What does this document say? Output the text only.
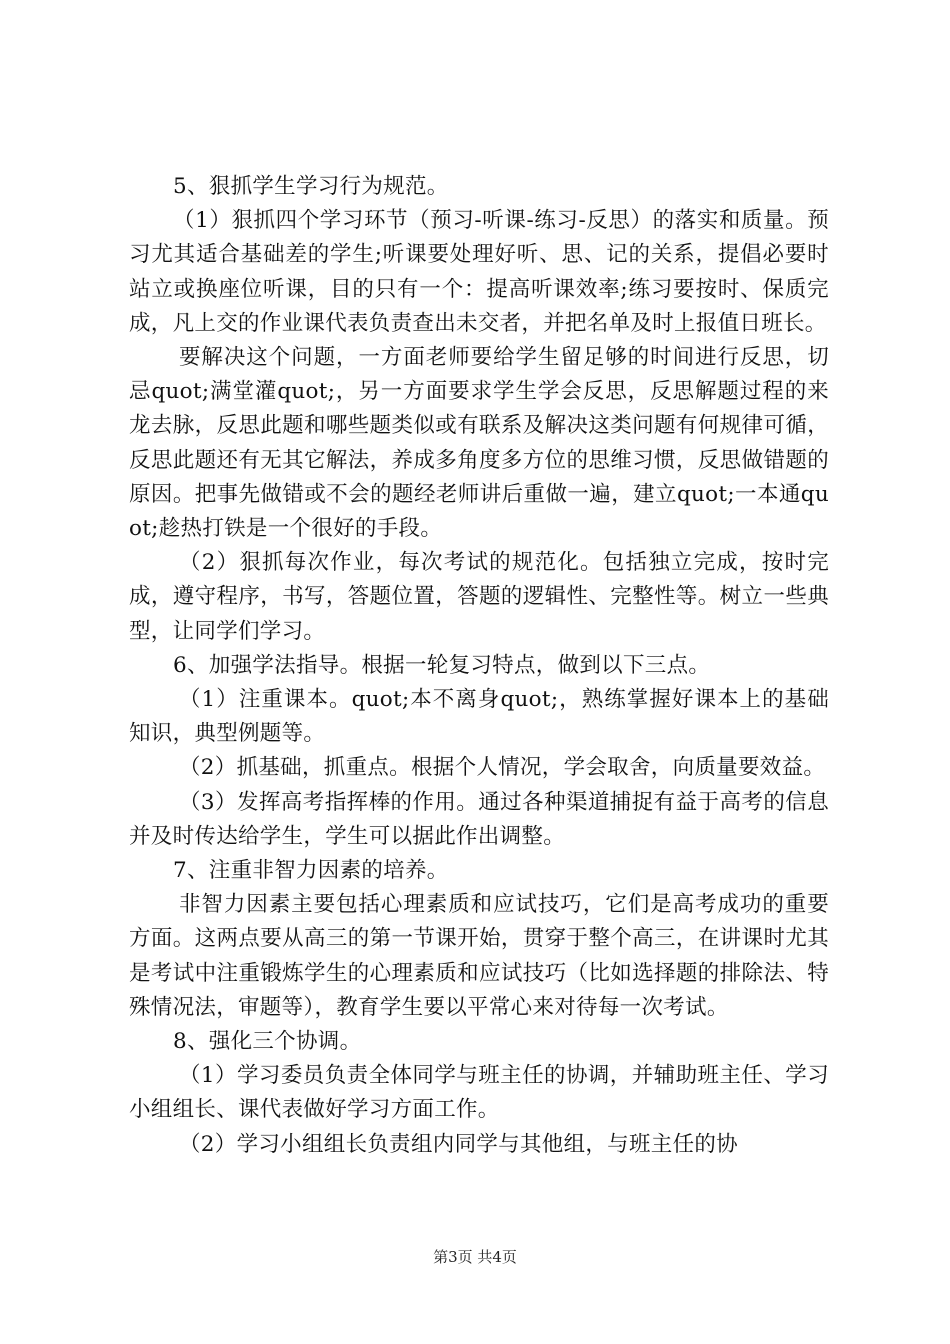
5、狠抓学生学习行为规范。

（1）狠抓四个学习环节（预习-听课-练习-反思）的落实和质量。预习尤其适合基础差的学生;听课要处理好听、思、记的关系，提倡必要时站立或换座位听课，目的只有一个：提高听课效率;练习要按时、保质完成，凡上交的作业课代表负责查出未交者，并把名单及时上报值日班长。

要解决这个问题，一方面老师要给学生留足够的时间进行反思，切忌quot;满堂灌quot;，另一方面要求学生学会反思，反思解题过程的来龙去脉，反思此题和哪些题类似或有联系及解决这类问题有何规律可循，反思此题还有无其它解法，养成多角度多方位的思维习惯，反思做错题的原因。把事先做错或不会的题经老师讲后重做一遍，建立quot;一本通quot;趁热打铁是一个很好的手段。

（2）狠抓每次作业，每次考试的规范化。包括独立完成，按时完成，遵守程序，书写，答题位置，答题的逻辑性、完整性等。树立一些典型，让同学们学习。

6、加强学法指导。根据一轮复习特点，做到以下三点。

（1）注重课本。quot;本不离身quot;，熟练掌握好课本上的基础知识，典型例题等。

（2）抓基础，抓重点。根据个人情况，学会取舍，向质量要效益。

（3）发挥高考指挥棒的作用。通过各种渠道捕捉有益于高考的信息并及时传达给学生，学生可以据此作出调整。

7、注重非智力因素的培养。

非智力因素主要包括心理素质和应试技巧，它们是高考成功的重要方面。这两点要从高三的第一节课开始，贯穿于整个高三，在讲课时尤其是考试中注重锻炼学生的心理素质和应试技巧（比如选择题的排除法、特殊情况法，审题等），教育学生要以平常心来对待每一次考试。

8、强化三个协调。

（1）学习委员负责全体同学与班主任的协调，并辅助班主任、学习小组组长、课代表做好学习方面工作。

（2）学习小组组长负责组内同学与其他组，与班主任的协

第3页 共4页
